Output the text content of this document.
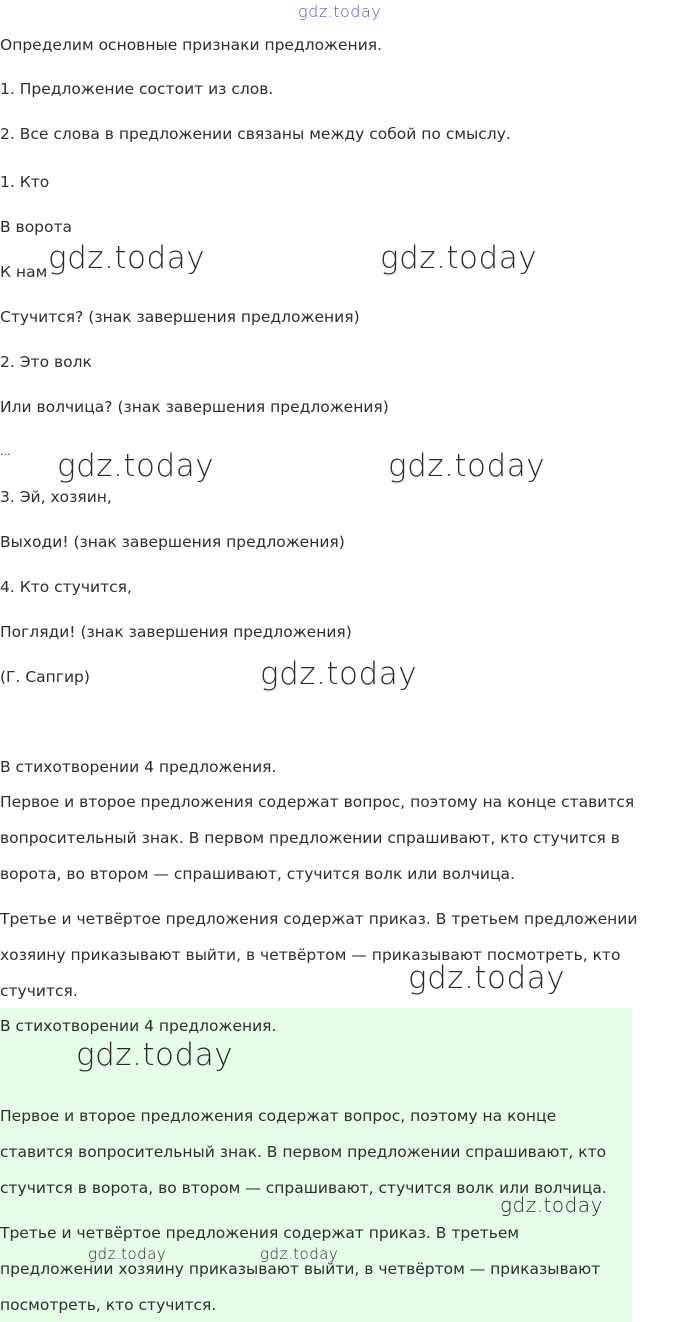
gdz.today

Определим основные признаки предложения.

1. Предложение состоит из слов.

2. Все слова в предложении связаны между собой по смыслу.

1. Кто

В ворота

К нам

Стучится? (знак завершения предложения)

2. Это волк

Или волчица? (знак завершения предложения)

...

3. Эй, хозяин,

Выходи! (знак завершения предложения)

4. Кто стучится,

Погляди! (знак завершения предложения)

(Г. Сапгир)

В стихотворении 4 предложения.

Первое и второе предложения содержат вопрос, поэтому на конце ставится

вопросительный знак. В первом предложении спрашивают, кто стучится в

ворота, во втором — спрашивают, стучится волк или волчица.

Третье и четвёртое предложения содержат приказ. В третьем предложении

хозяину приказывают выйти, в четвёртом — приказывают посмотреть, кто

стучится.

В стихотворении 4 предложения.

Первое и второе предложения содержат вопрос, поэтому на конце

ставится вопросительный знак. В первом предложении спрашивают, кто

стучится в ворота, во втором — спрашивают, стучится волк или волчица.

Третье и четвёртое предложения содержат приказ. В третьем

предложении хозяину приказывают выйти, в четвёртом — приказывают

посмотреть, кто стучится.

gdz.today	gdz.today
gdz.today	gdz.today
gdz.today
gdz.today
gdz.today
gdz.today
gdz.today	gdz.today
